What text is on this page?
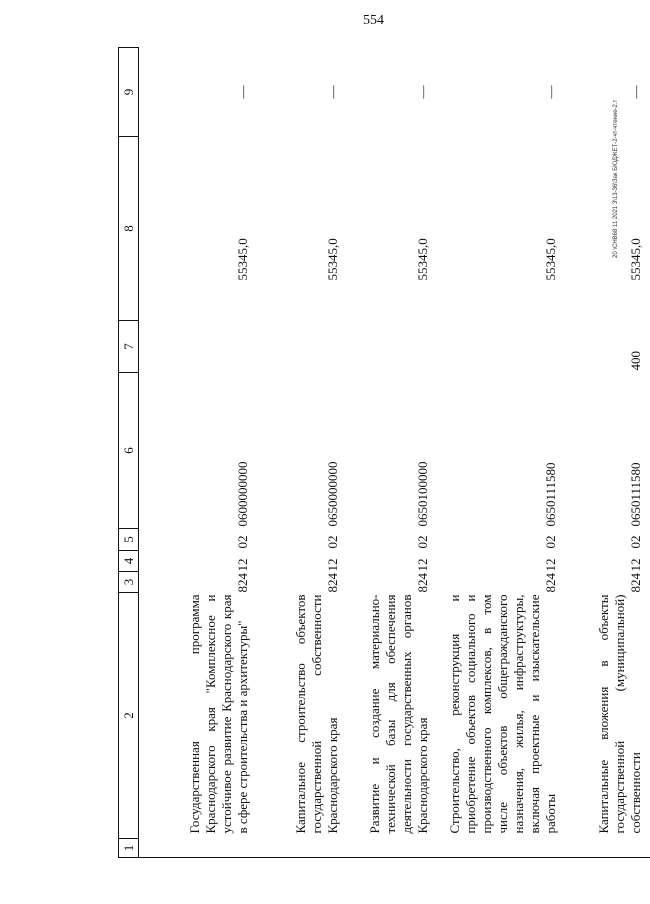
554
20 \CHB68 11 2021 3\13-36\Зак БЮДЖЕТ-2-чт-чтение-2.т
1	2	3	4	5	6	7	8	9
	Государственная программа Краснодарского края "Комплексное и устойчивое развитие Краснодарского края в сфере строительства и архитектуры"	824	12	02	0600000000		55345,0	—
	Капитальное строительство объектов государственной собственности Краснодарского края	824	12	02	0650000000		55345,0	—
	Развитие и создание материально-технической базы для обеспечения деятельности государственных органов Краснодарского края	824	12	02	0650100000		55345,0	—
	Строительство, реконструкция и приобретение объектов социального и производственного комплексов, в том числе объектов общегражданского назначения, жилья, инфраструктуры, включая проектные и изыскательские работы	824	12	02	0650111580		55345,0	—
	Капитальные вложения в объекты государственной (муниципальной) собственности	824	12	02	0650111580	400	55345,0	—
